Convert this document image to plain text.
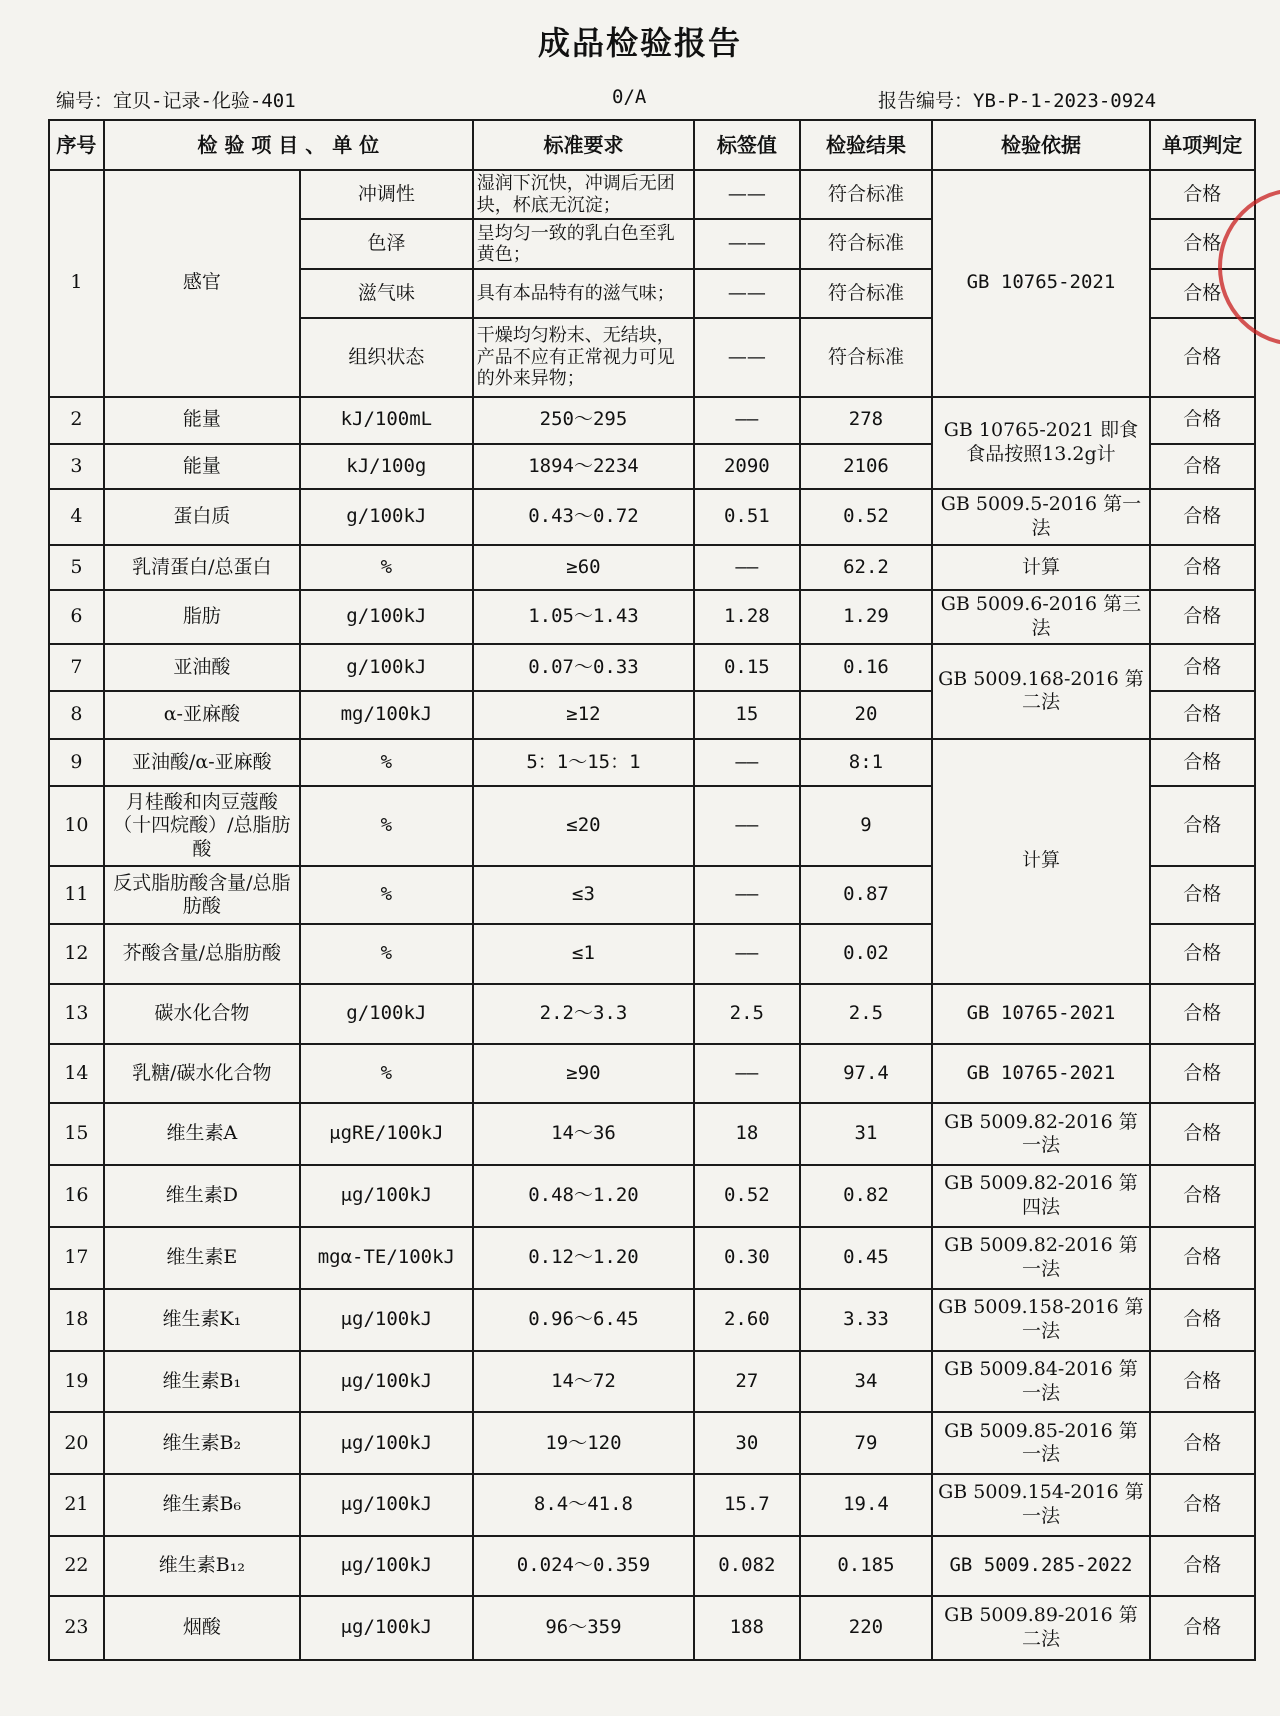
成品检验报告
编号：宜贝-记录-化验-401	0/A	报告编号：YB-P-1-2023-0924
序号	检 验 项 目 、 单 位		标准要求	标签值	检验结果	检验依据	单项判定
1	感官	冲调性	湿润下沉快，冲调后无团块，杯底无沉淀；	——	符合标准	GB 10765-2021	合格
		色泽	呈均匀一致的乳白色至乳黄色；	——	符合标准		合格
		滋气味	具有本品特有的滋气味；	——	符合标准		合格
		组织状态	干燥均匀粉末、无结块，产品不应有正常视力可见的外来异物；	——	符合标准		合格
2	能量	kJ/100mL	250～295	——	278	GB 10765-2021 即食食品按照13.2g计	合格
3	能量	kJ/100g	1894～2234	2090	2106		合格
4	蛋白质	g/100kJ	0.43～0.72	0.51	0.52	GB 5009.5-2016 第一法	合格
5	乳清蛋白/总蛋白	%	≥60	——	62.2	计算	合格
6	脂肪	g/100kJ	1.05～1.43	1.28	1.29	GB 5009.6-2016 第三法	合格
7	亚油酸	g/100kJ	0.07～0.33	0.15	0.16	GB 5009.168-2016 第二法	合格
8	α-亚麻酸	mg/100kJ	≥12	15	20		合格
9	亚油酸/α-亚麻酸	%	5：1～15：1	——	8:1	计算	合格
10	月桂酸和肉豆蔻酸（十四烷酸）/总脂肪酸	%	≤20	——	9		合格
11	反式脂肪酸含量/总脂肪酸	%	≤3	——	0.87		合格
12	芥酸含量/总脂肪酸	%	≤1	——	0.02		合格
13	碳水化合物	g/100kJ	2.2～3.3	2.5	2.5	GB 10765-2021	合格
14	乳糖/碳水化合物	%	≥90	——	97.4	GB 10765-2021	合格
15	维生素A	μgRE/100kJ	14～36	18	31	GB 5009.82-2016 第一法	合格
16	维生素D	μg/100kJ	0.48～1.20	0.52	0.82	GB 5009.82-2016 第四法	合格
17	维生素E	mgα-TE/100kJ	0.12～1.20	0.30	0.45	GB 5009.82-2016 第一法	合格
18	维生素K₁	μg/100kJ	0.96～6.45	2.60	3.33	GB 5009.158-2016 第一法	合格
19	维生素B₁	μg/100kJ	14～72	27	34	GB 5009.84-2016 第一法	合格
20	维生素B₂	μg/100kJ	19～120	30	79	GB 5009.85-2016 第一法	合格
21	维生素B₆	μg/100kJ	8.4～41.8	15.7	19.4	GB 5009.154-2016 第一法	合格
22	维生素B₁₂	μg/100kJ	0.024～0.359	0.082	0.185	GB 5009.285-2022	合格
23	烟酸	μg/100kJ	96～359	188	220	GB 5009.89-2016 第二法	合格
